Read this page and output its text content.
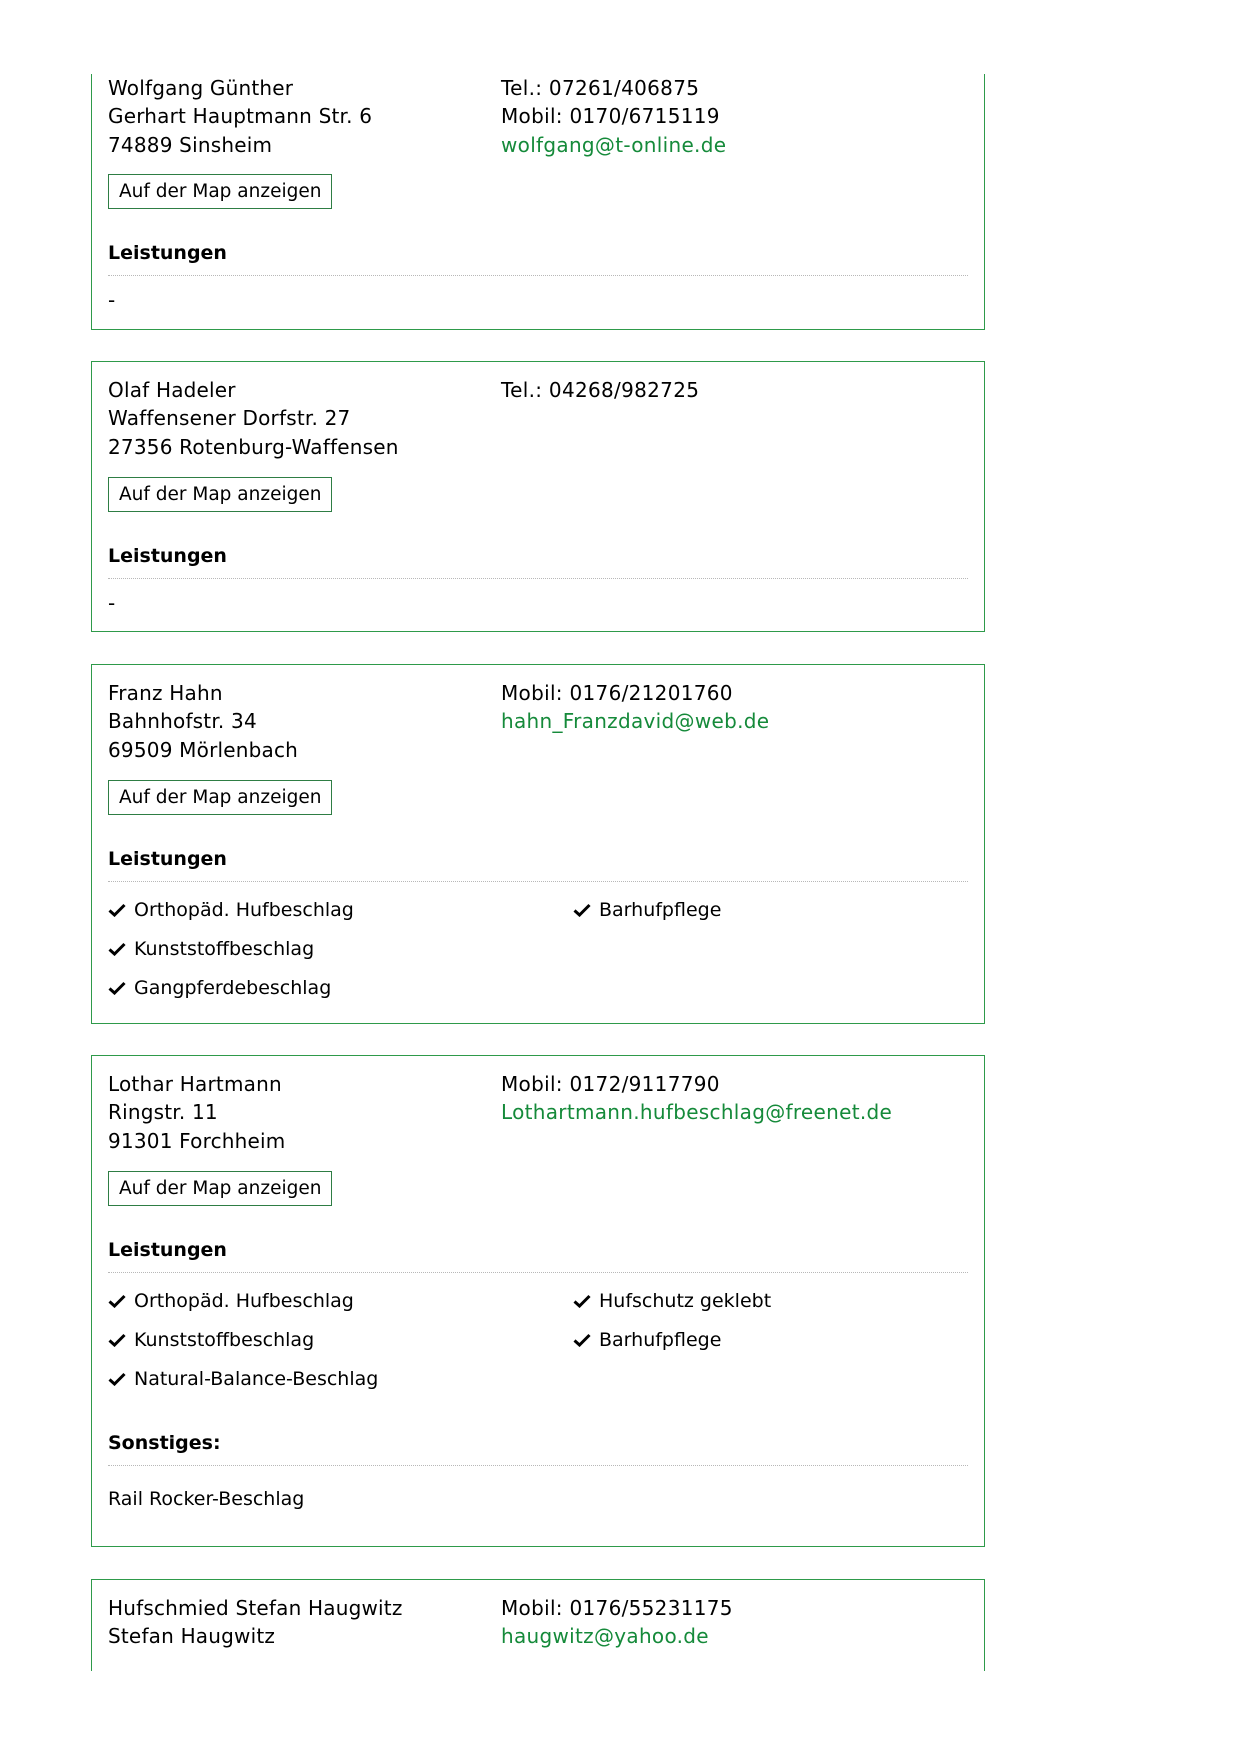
Wolfgang Günther
Gerhart Hauptmann Str. 6
74889 Sinsheim
Tel.: 07261/406875
Mobil: 0170/6715119
wolfgang@t-online.de
Auf der Map anzeigen
Leistungen
-
Olaf Hadeler
Waffensener Dorfstr. 27
27356 Rotenburg-Waffensen
Tel.: 04268/982725
Auf der Map anzeigen
Leistungen
-
Franz Hahn
Bahnhofstr. 34
69509 Mörlenbach
Mobil: 0176/21201760
hahn_Franzdavid@web.de
Auf der Map anzeigen
Leistungen
Orthopäd. Hufbeschlag
Kunststoffbeschlag
Gangpferdebeschlag
Barhufpflege
Lothar Hartmann
Ringstr. 11
91301 Forchheim
Mobil: 0172/9117790
Lothartmann.hufbeschlag@freenet.de
Auf der Map anzeigen
Leistungen
Orthopäd. Hufbeschlag
Kunststoffbeschlag
Natural-Balance-Beschlag
Hufschutz geklebt
Barhufpflege
Sonstiges:
Rail Rocker-Beschlag
Hufschmied Stefan Haugwitz
Stefan Haugwitz
Mobil: 0176/55231175
haugwitz@yahoo.de
